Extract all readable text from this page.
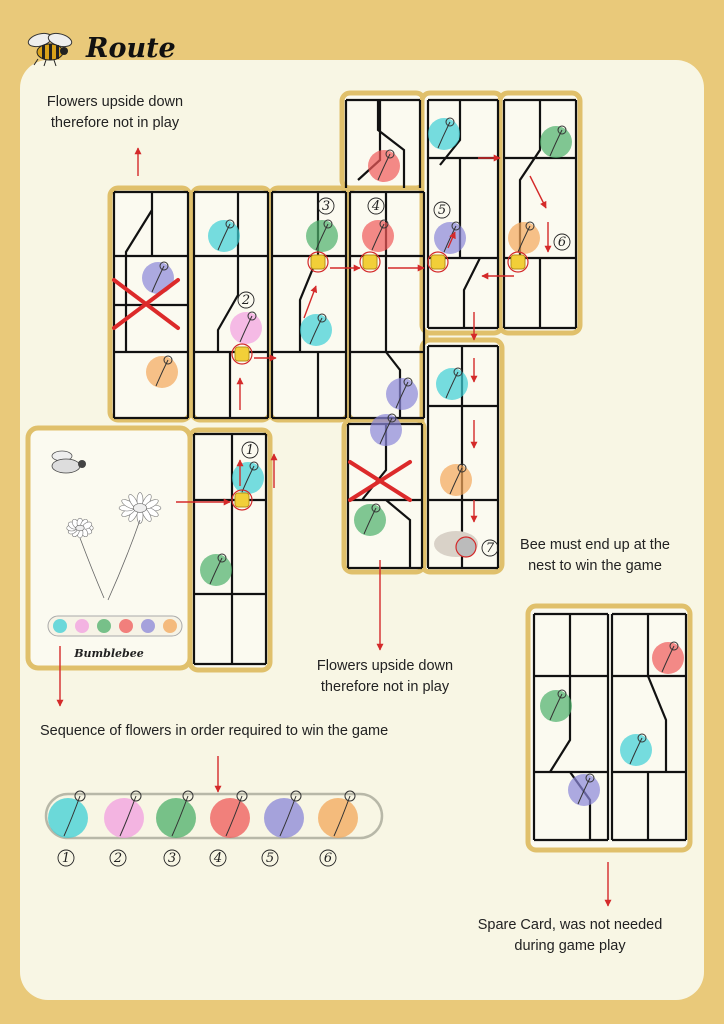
Route
1
2
3	4	5
6
7
Bumblebee
1	2	3	4	5	6
Flowers upside down therefore not in play
Flowers upside down therefore not in play
Bee must end up at the nest to win the game
Sequence of flowers in order required to win the game
Spare Card, was not needed during game play
